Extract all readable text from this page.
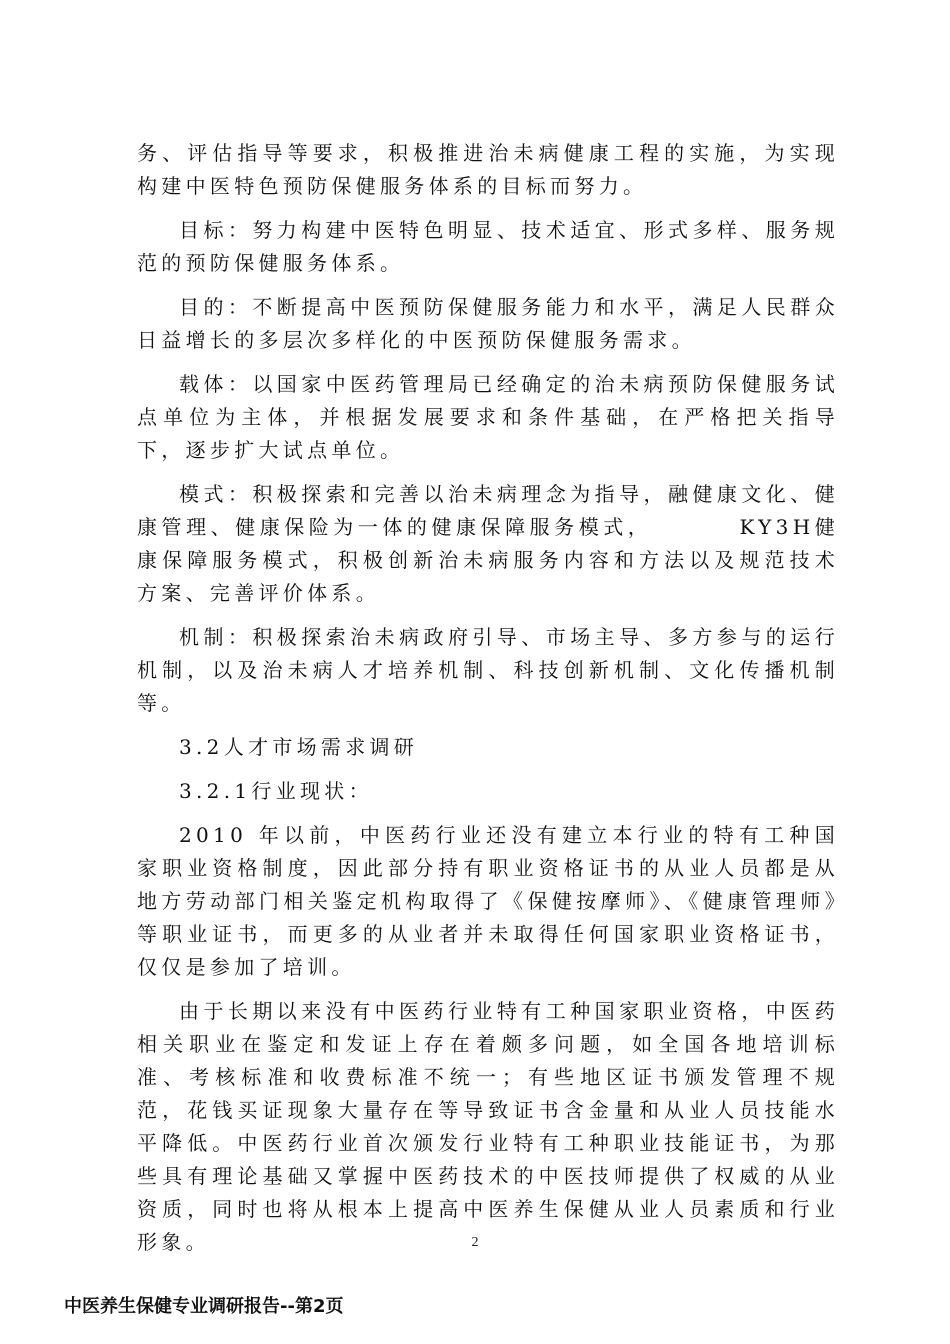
务、评估指导等要求，积极推进治未病健康工程的实施，为实现构建中医特色预防保健服务体系的目标而努力。

目标：努力构建中医特色明显、技术适宜、形式多样、服务规范的预防保健服务体系。

目的：不断提高中医预防保健服务能力和水平，满足人民群众日益增长的多层次多样化的中医预防保健服务需求。

载体：以国家中医药管理局已经确定的治未病预防保健服务试点单位为主体，并根据发展要求和条件基础，在严格把关指导下，逐步扩大试点单位。

模式：积极探索和完善以治未病理念为指导，融健康文化、健康管理、健康保险为一体的健康保障服务模式，        KY3H健康保障服务模式，积极创新治未病服务内容和方法以及规范技术方案、完善评价体系。

机制：积极探索治未病政府引导、市场主导、多方参与的运行机制，以及治未病人才培养机制、科技创新机制、文化传播机制等。

3.2人才市场需求调研

3.2.1行业现状：

2010 年以前，中医药行业还没有建立本行业的特有工种国家职业资格制度，因此部分持有职业资格证书的从业人员都是从地方劳动部门相关鉴定机构取得了《保健按摩师》、《健康管理师》等职业证书，而更多的从业者并未取得任何国家职业资格证书，仅仅是参加了培训。

由于长期以来没有中医药行业特有工种国家职业资格，中医药相关职业在鉴定和发证上存在着颇多问题，如全国各地培训标准、考核标准和收费标准不统一；有些地区证书颁发管理不规范，花钱买证现象大量存在等导致证书含金量和从业人员技能水平降低。中医药行业首次颁发行业特有工种职业技能证书，为那些具有理论基础又掌握中医药技术的中医技师提供了权威的从业资质，同时也将从根本上提高中医养生保健从业人员素质和行业形象。	2
中医养生保健专业调研报告--第2页
